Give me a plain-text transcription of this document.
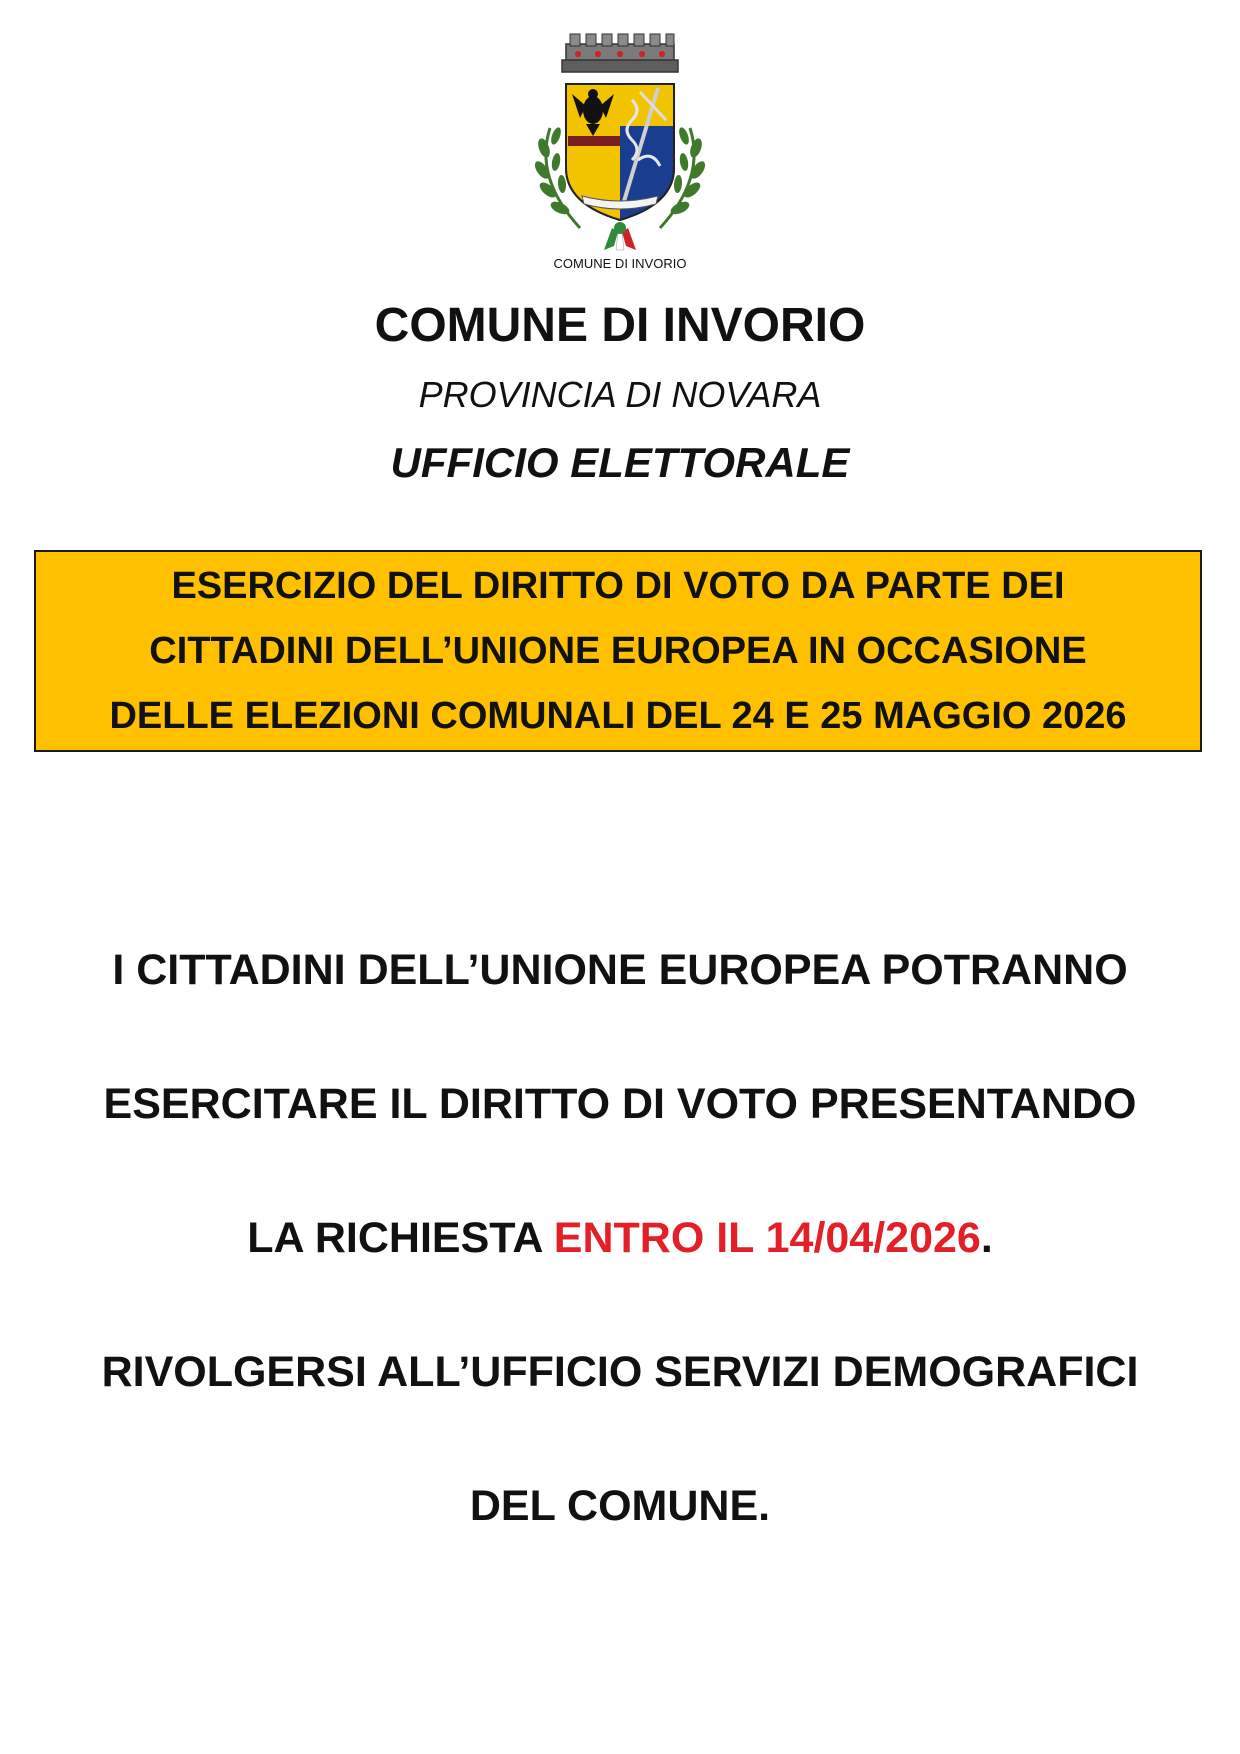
COMUNE DI INVORIO
COMUNE DI INVORIO
PROVINCIA DI NOVARA
UFFICIO ELETTORALE
ESERCIZIO DEL DIRITTO DI VOTO DA PARTE DEI
CITTADINI DELL’UNIONE EUROPEA IN OCCASIONE
DELLE ELEZIONI COMUNALI DEL 24 E 25 MAGGIO 2026
I CITTADINI DELL’UNIONE EUROPEA POTRANNO
ESERCITARE IL DIRITTO DI VOTO PRESENTANDO
LA RICHIESTA ENTRO IL 14/04/2026.
RIVOLGERSI ALL’UFFICIO SERVIZI DEMOGRAFICI
DEL COMUNE.
